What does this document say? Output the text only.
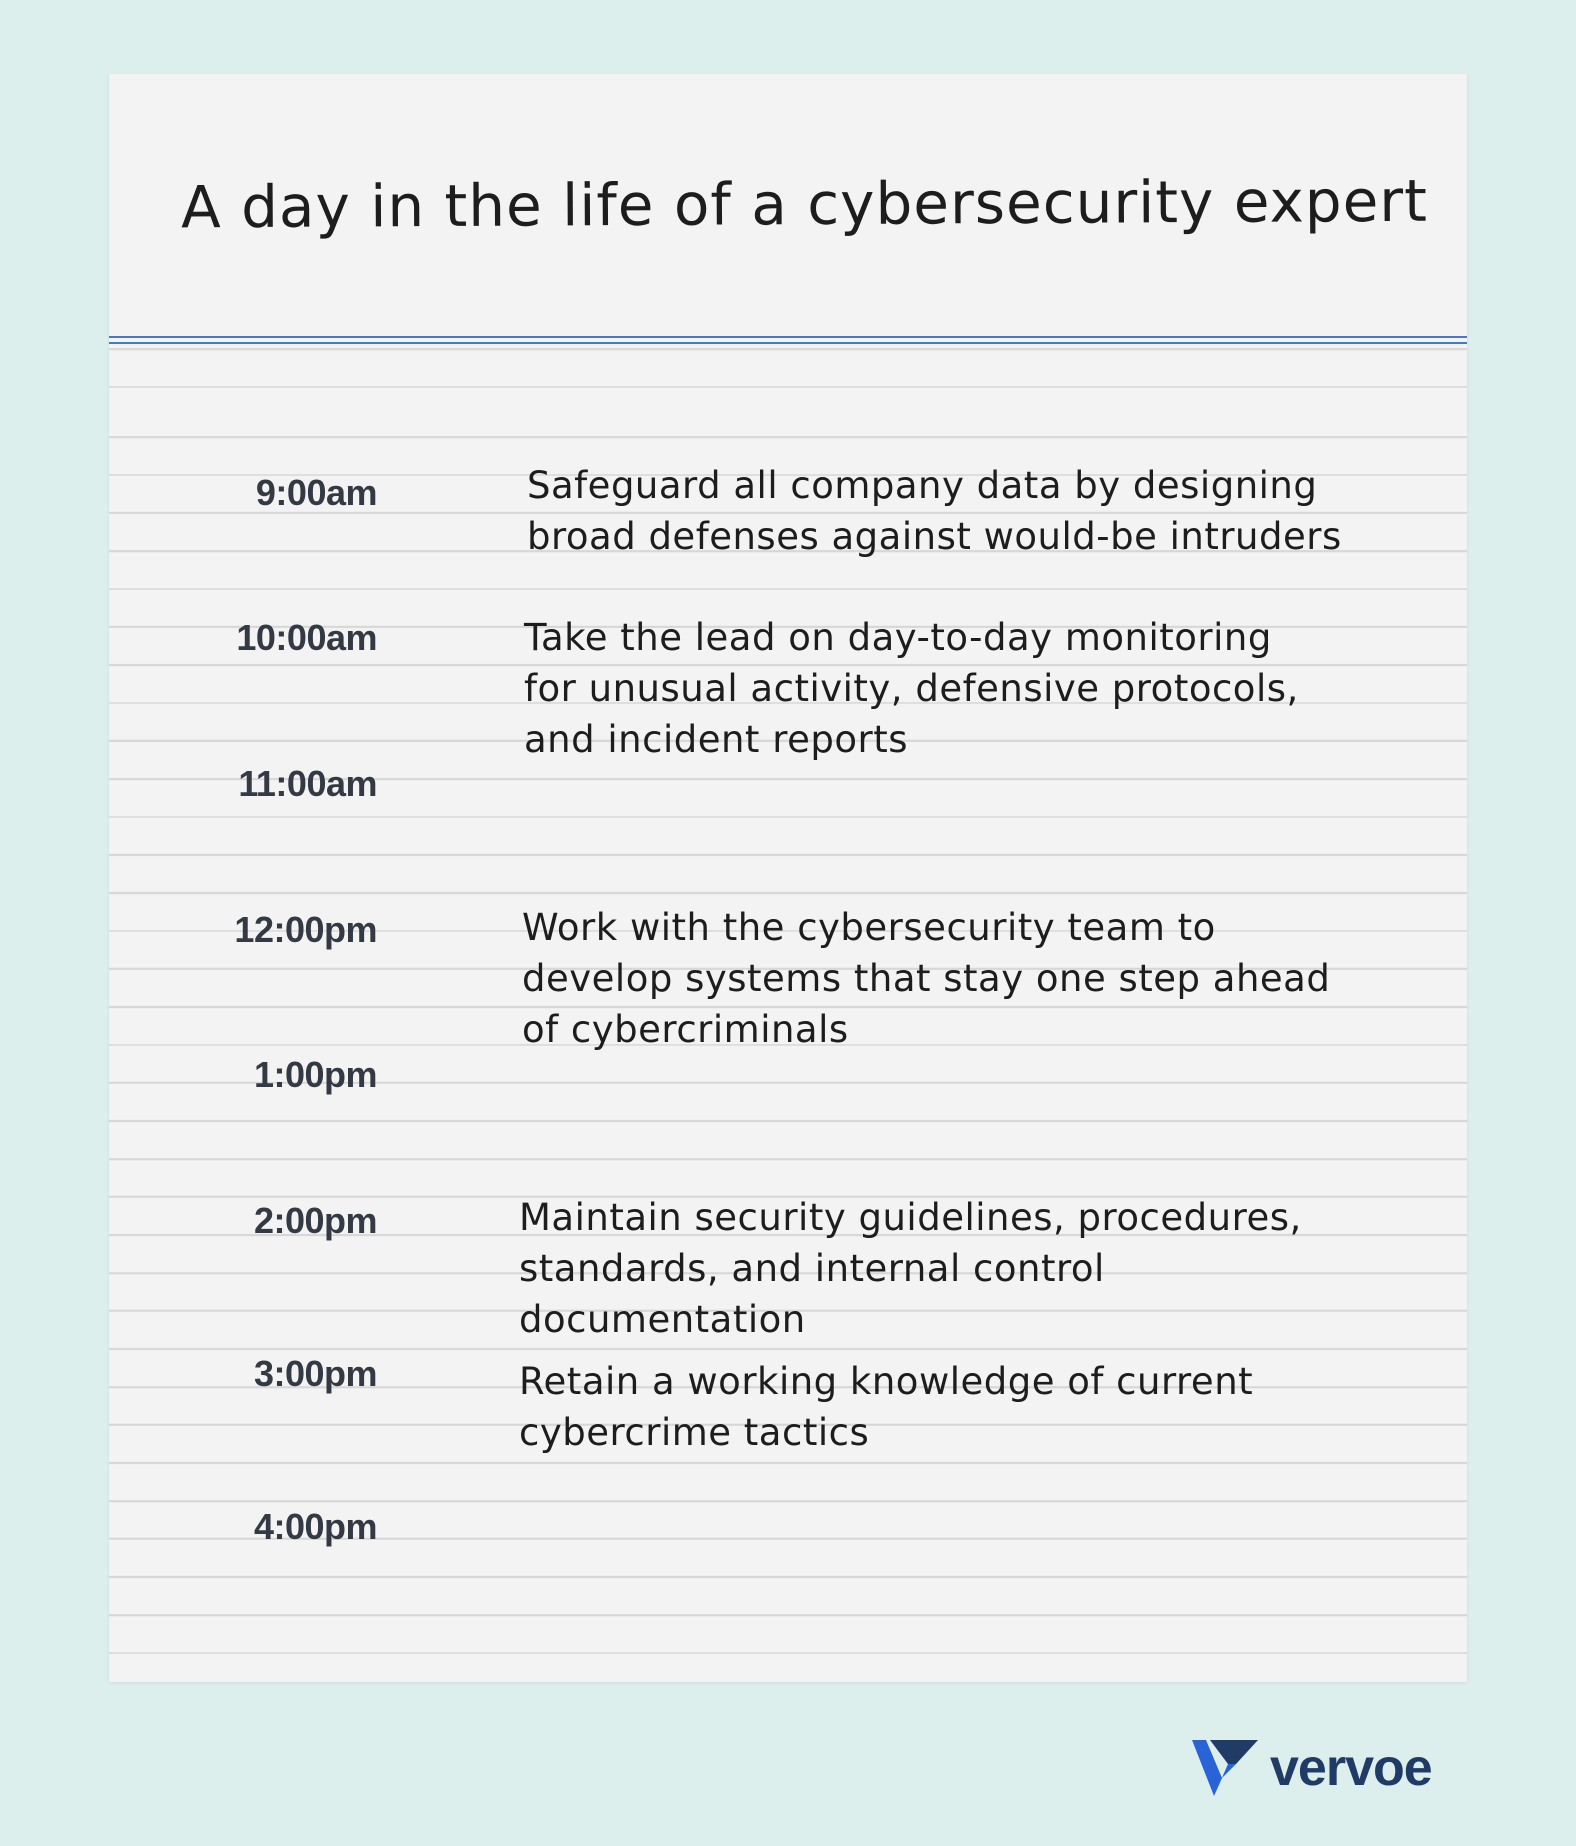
A day in the life of a cybersecurity expert
9:00am
10:00am
11:00am
12:00pm
1:00pm
2:00pm
3:00pm
4:00pm
Safeguard all company data by designing
broad defenses against would-be intruders
Take the lead on day-to-day monitoring
for unusual activity, defensive protocols,
and incident reports
Work with the cybersecurity team to
develop systems that stay one step ahead
of cybercriminals
Maintain security guidelines, procedures,
standards, and internal control documentation
Retain a working knowledge of current
cybercrime tactics
vervoe
